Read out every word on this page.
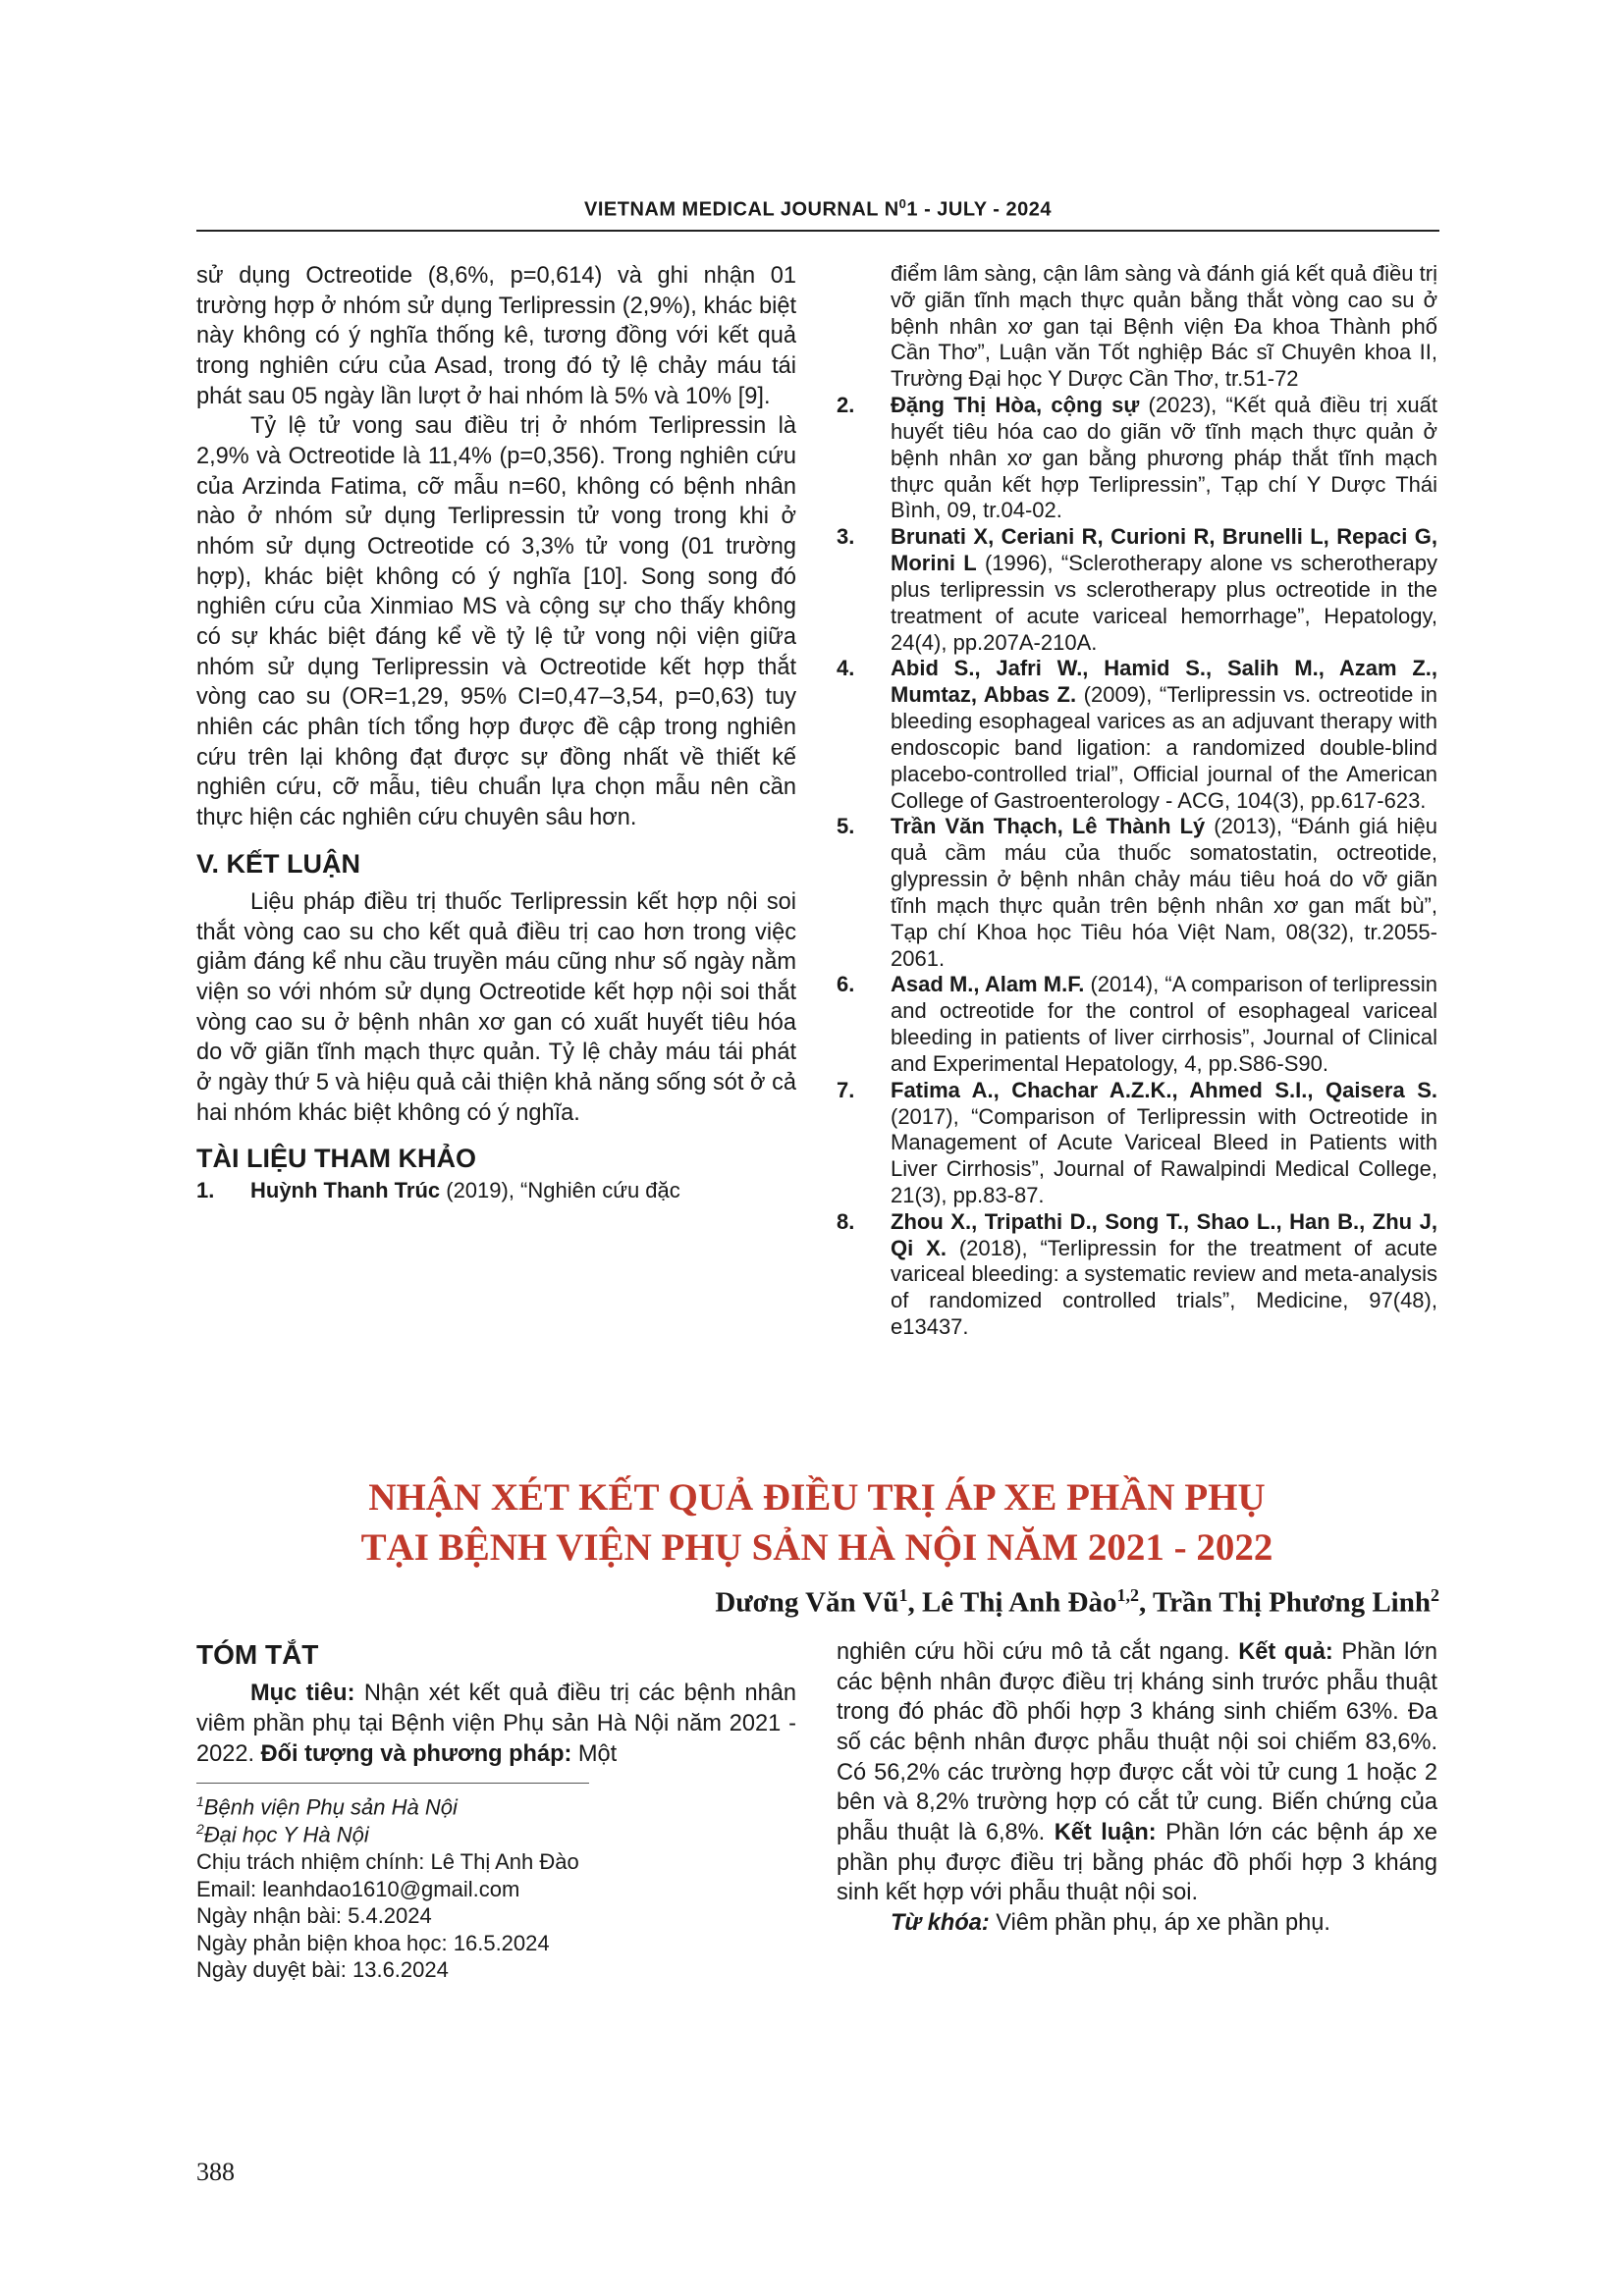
VIETNAM MEDICAL JOURNAL $N^01$ - JULY - 2024

sử dụng Octreotide (8,6%, p=0,614) và ghi nhận 01 trường hợp ở nhóm sử dụng Terlipressin (2,9%), khác biệt này không có ý nghĩa thống kê, tương đồng với kết quả trong nghiên cứu của Asad, trong đó tỷ lệ chảy máu tái phát sau 05 ngày lần lượt ở hai nhóm là 5% và 10% [9].

Tỷ lệ tử vong sau điều trị ở nhóm Terlipressin là 2,9% và Octreotide là 11,4% (p=0,356). Trong nghiên cứu của Arzinda Fatima, cỡ mẫu n=60, không có bệnh nhân nào ở nhóm sử dụng Terlipressin tử vong trong khi ở nhóm sử dụng Octreotide có 3,3% tử vong (01 trường hợp), khác biệt không có ý nghĩa [10]. Song song đó nghiên cứu của Xinmiao MS và cộng sự cho thấy không có sự khác biệt đáng kể về tỷ lệ tử vong nội viện giữa nhóm sử dụng Terlipressin và Octreotide kết hợp thắt vòng cao su (OR=1,29, 95% CI=0,47–3,54, p=0,63) tuy nhiên các phân tích tổng hợp được đề cập trong nghiên cứu trên lại không đạt được sự đồng nhất về thiết kế nghiên cứu, cỡ mẫu, tiêu chuẩn lựa chọn mẫu nên cần thực hiện các nghiên cứu chuyên sâu hơn.

V. KẾT LUẬN

Liệu pháp điều trị thuốc Terlipressin kết hợp nội soi thắt vòng cao su cho kết quả điều trị cao hơn trong việc giảm đáng kể nhu cầu truyền máu cũng như số ngày nằm viện so với nhóm sử dụng Octreotide kết hợp nội soi thắt vòng cao su ở bệnh nhân xơ gan có xuất huyết tiêu hóa do vỡ giãn tĩnh mạch thực quản. Tỷ lệ chảy máu tái phát ở ngày thứ 5 và hiệu quả cải thiện khả năng sống sót ở cả hai nhóm khác biệt không có ý nghĩa.

TÀI LIỆU THAM KHẢO

1. Huỳnh Thanh Trúc (2019), “Nghiên cứu đặc

điểm lâm sàng, cận lâm sàng và đánh giá kết quả điều trị vỡ giãn tĩnh mạch thực quản bằng thắt vòng cao su ở bệnh nhân xơ gan tại Bệnh viện Đa khoa Thành phố Cần Thơ”, Luận văn Tốt nghiệp Bác sĩ Chuyên khoa II, Trường Đại học Y Dược Cần Thơ, tr.51-72

2. Đặng Thị Hòa, cộng sự (2023), “Kết quả điều trị xuất huyết tiêu hóa cao do giãn vỡ tĩnh mạch thực quản ở bệnh nhân xơ gan bằng phương pháp thắt tĩnh mạch thực quản kết hợp Terlipressin”, Tạp chí Y Dược Thái Bình, 09, tr.04-02.

3. Brunati X, Ceriani R, Curioni R, Brunelli L, Repaci G, Morini L (1996), “Sclerotherapy alone vs scherotherapy plus terlipressin vs sclerotherapy plus octreotide in the treatment of acute variceal hemorrhage”, Hepatology, 24(4), pp.207A-210A.

4. Abid S., Jafri W., Hamid S., Salih M., Azam Z., Mumtaz, Abbas Z. (2009), “Terlipressin vs. octreotide in bleeding esophageal varices as an adjuvant therapy with endoscopic band ligation: a randomized double-blind placebo-controlled trial”, Official journal of the American College of Gastroenterology - ACG, 104(3), pp.617-623.

5. Trần Văn Thạch, Lê Thành Lý (2013), “Đánh giá hiệu quả cầm máu của thuốc somatostatin, octreotide, glypressin ở bệnh nhân chảy máu tiêu hoá do vỡ giãn tĩnh mạch thực quản trên bệnh nhân xơ gan mất bù”, Tạp chí Khoa học Tiêu hóa Việt Nam, 08(32), tr.2055-2061.

6. Asad M., Alam M.F. (2014), “A comparison of terlipressin and octreotide for the control of esophageal variceal bleeding in patients of liver cirrhosis”, Journal of Clinical and Experimental Hepatology, 4, pp.S86-S90.

7. Fatima A., Chachar A.Z.K., Ahmed S.I., Qaisera S. (2017), “Comparison of Terlipressin with Octreotide in Management of Acute Variceal Bleed in Patients with Liver Cirrhosis”, Journal of Rawalpindi Medical College, 21(3), pp.83-87.

8. Zhou X., Tripathi D., Song T., Shao L., Han B., Zhu J, Qi X. (2018), “Terlipressin for the treatment of acute variceal bleeding: a systematic review and meta-analysis of randomized controlled trials”, Medicine, 97(48), e13437.

NHẬN XÉT KẾT QUẢ ĐIỀU TRỊ ÁP XE PHẦN PHỤ
TẠI BỆNH VIỆN PHỤ SẢN HÀ NỘI NĂM 2021 - 2022
Dương Văn $Vũ^1$, Lê Thị Anh Đào$^{1,2}$, Trần Thị Phương Linh$^2$

TÓM TẮT

Mục tiêu: Nhận xét kết quả điều trị các bệnh nhân viêm phần phụ tại Bệnh viện Phụ sản Hà Nội năm 2021 - 2022. Đối tượng và phương pháp: Một

$^1$Bệnh viện Phụ sản Hà Nội
$^2$Đại học Y Hà Nội
Chịu trách nhiệm chính: Lê Thị Anh Đào
Email: leanhdao1610@gmail.com
Ngày nhận bài: 5.4.2024
Ngày phản biện khoa học: 16.5.2024
Ngày duyệt bài: 13.6.2024

nghiên cứu hồi cứu mô tả cắt ngang. Kết quả: Phần lớn các bệnh nhân được điều trị kháng sinh trước phẫu thuật trong đó phác đồ phối hợp 3 kháng sinh chiếm 63%. Đa số các bệnh nhân được phẫu thuật nội soi chiếm 83,6%. Có 56,2% các trường hợp được cắt vòi tử cung 1 hoặc 2 bên và 8,2% trường hợp có cắt tử cung. Biến chứng của phẫu thuật là 6,8%. Kết luận: Phần lớn các bệnh áp xe phần phụ được điều trị bằng phác đồ phối hợp 3 kháng sinh kết hợp với phẫu thuật nội soi.

Từ khóa: Viêm phần phụ, áp xe phần phụ.

388
